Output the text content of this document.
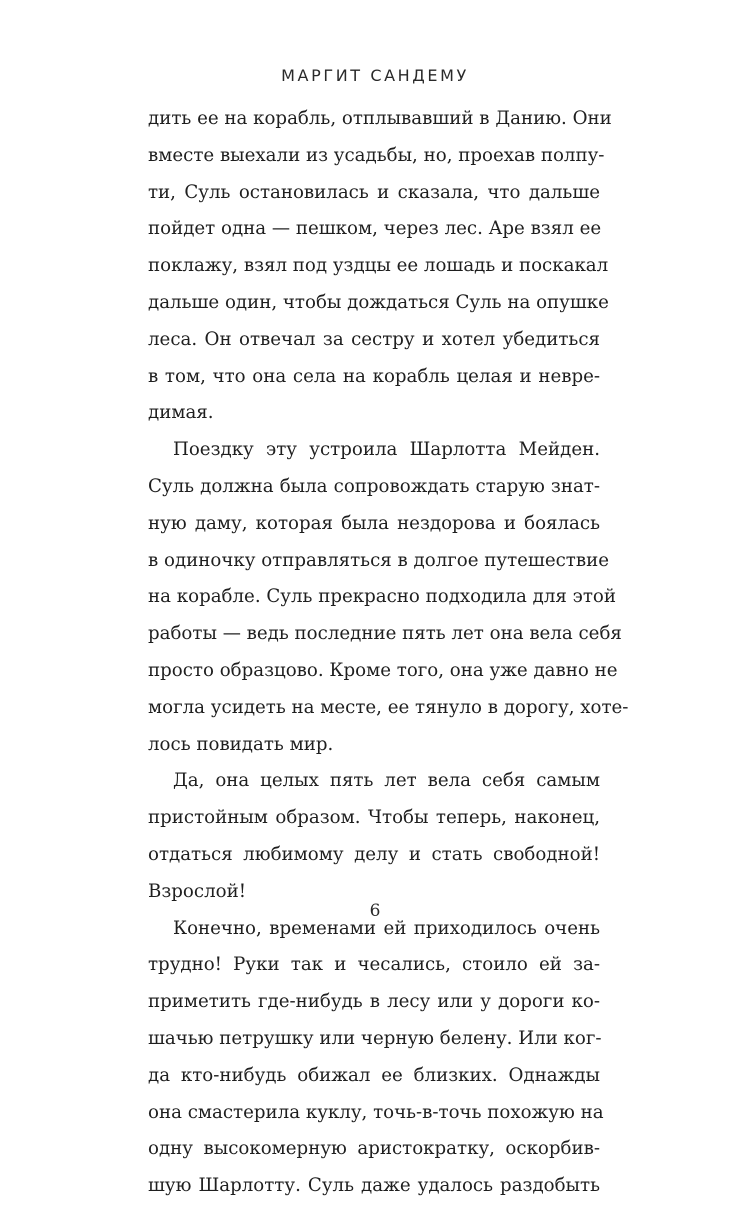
МАРГИТ САНДЕМУ
дить ее на корабль, отплывавший в Данию. Они
вместе выехали из усадьбы, но, проехав полпу-
ти, Суль остановилась и сказала, что дальше
пойдет одна — пешком, через лес. Аре взял ее
поклажу, взял под уздцы ее лошадь и поскакал
дальше один, чтобы дождаться Суль на опушке
леса. Он отвечал за сестру и хотел убедиться
в том, что она села на корабль целая и невре-
димая.
Поездку эту устроила Шарлотта Мейден.
Суль должна была сопровождать старую знат-
ную даму, которая была нездорова и боялась
в одиночку отправляться в долгое путешествие
на корабле. Суль прекрасно подходила для этой
работы — ведь последние пять лет она вела себя
просто образцово. Кроме того, она уже давно не
могла усидеть на месте, ее тянуло в дорогу, хоте-
лось повидать мир.
Да, она целых пять лет вела себя самым
пристойным образом. Чтобы теперь, наконец,
отдаться любимому делу и стать свободной!
Взрослой!
Конечно, временами ей приходилось очень
трудно! Руки так и чесались, стоило ей за-
приметить где-нибудь в лесу или у дороги ко-
шачью петрушку или черную белену. Или ког-
да кто-нибудь обижал ее близких. Однажды
она смастерила куклу, точь-в-точь похожую на
одну высокомерную аристократку, оскорбив-
шую Шарлотту. Суль даже удалось раздобыть
6
